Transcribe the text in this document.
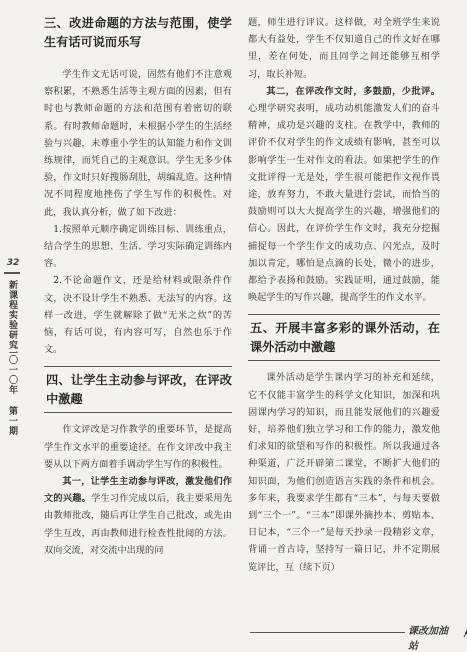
32
新课程实验研究
二〇一〇年 第一期
三、改进命题的方法与范围，使学生有话可说而乐写

学生作文无话可说，固然有他们不注意观察积累，不熟悉生活等主观方面的因素，但有时也与教师命题的方法和范围有着密切的联系。有时教师命题时，未根据小学生的生活经验与兴趣，未尊重小学生的认知能力和作文训练规律，而凭自己的主观意识。学生无多少体验，作文时只好搜肠刮肚，胡编乱造。这种情况不同程度地挫伤了学生写作的积极性。对此，我认真分析，做了如下改进：

1.按照单元顺序确定训练目标、训练重点，结合学生的思想、生活、学习实际确定训练内容。

2.不论命题作文，还是给材料或限条件作文，决不设计学生不熟悉、无法写的内容。这样一改进，学生就解除了做“无米之炊”的苦恼，有话可说，有内容可写，自然也乐于作文。

四、让学生主动参与评改，在评改中激趣

作文评改是习作教学的重要环节，是提高学生作文水平的重要途径。在作文评改中我主要从以下两方面着手调动学生写作的积极性。

其一，让学生主动参与评改，激发他们作文的兴趣。学生习作完成以后，我主要采用先由教师批改，随后再让学生自己批改，或先由学生互改，再由教师进行检查性批阅的方法。双向交流，对交流中出现的问

题，师生进行评议。这样做，对全班学生来说都大有益处，学生不仅知道自己的作文好在哪里，差在何处，而且同学之间还能够互相学习，取长补短。

其二，在评改作文时，多鼓励，少批评。心理学研究表明，成功动机能激发人们的奋斗精神，成功是兴趣的支柱。在教学中，教师的评价不仅对学生的作文成绩有影响，甚至可以影响学生一生对作文的看法。如果把学生的作文批评得一无是处，学生很可能把作文视作畏途，放弃努力，不敢大量进行尝试，而恰当的鼓励则可以大大提高学生的兴趣，增强他们的信心。因此，在评价学生作文时，我充分挖掘捕捉每一个学生作文的成功点、闪光点，及时加以肯定，哪怕是点滴的长处，微小的进步，都给予表扬和鼓励。实践证明，通过鼓励，能唤起学生的写作兴趣，提高学生的作文水平。

五、开展丰富多彩的课外活动，在课外活动中激趣

课外活动是学生课内学习的补充和延续，它不仅能丰富学生的科学文化知识，加深和巩固课内学习的知识，而且能发展他们的兴趣爱好，培养他们独立学习和工作的能力，激发他们求知的欲望和写作的积极性。所以我通过各种渠道，广泛开辟第二课堂，不断扩大他们的知识面，为他们创造语言实践的条件和机会。多年来，我要求学生都有“三本”，与每天要做到“三个一”。“三本”即课外摘抄本、剪贴本、日记本，“三个一”是每天抄录一段精彩文章，背诵一首古诗，坚持写一篇日记，并不定期展览评比，互（续下页）

课改加油站
